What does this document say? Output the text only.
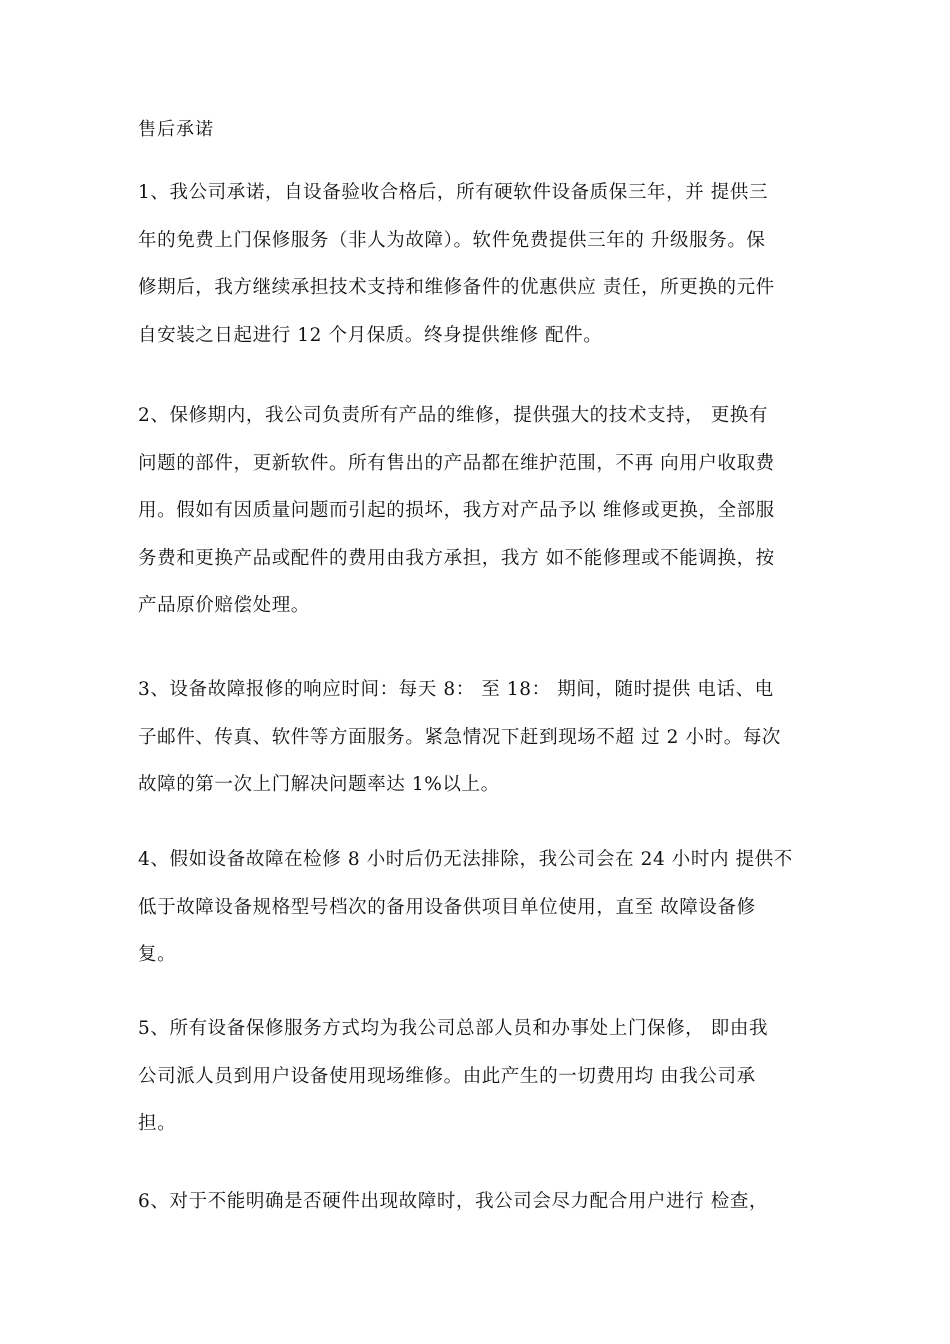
售后承诺
1、我公司承诺，自设备验收合格后，所有硬软件设备质保三年，并 提供三
年的免费上门保修服务（非人为故障）。软件免费提供三年的 升级服务。保
修期后，我方继续承担技术支持和维修备件的优惠供应 责任，所更换的元件
自安装之日起进行 12 个月保质。终身提供维修 配件。
2、保修期内，我公司负责所有产品的维修，提供强大的技术支持， 更换有
问题的部件，更新软件。所有售出的产品都在维护范围，不再 向用户收取费
用。假如有因质量问题而引起的损坏，我方对产品予以 维修或更换，全部服
务费和更换产品或配件的费用由我方承担，我方 如不能修理或不能调换，按
产品原价赔偿处理。
3、设备故障报修的响应时间：每天 8： 至 18： 期间，随时提供 电话、电
子邮件、传真、软件等方面服务。紧急情况下赶到现场不超 过 2 小时。每次
故障的第一次上门解决问题率达 1%以上。
4、假如设备故障在检修 8 小时后仍无法排除，我公司会在 24 小时内 提供不
低于故障设备规格型号档次的备用设备供项目单位使用，直至 故障设备修
复。
5、所有设备保修服务方式均为我公司总部人员和办事处上门保修， 即由我
公司派人员到用户设备使用现场维修。由此产生的一切费用均 由我公司承
担。
6、对于不能明确是否硬件出现故障时，我公司会尽力配合用户进行 检查，
